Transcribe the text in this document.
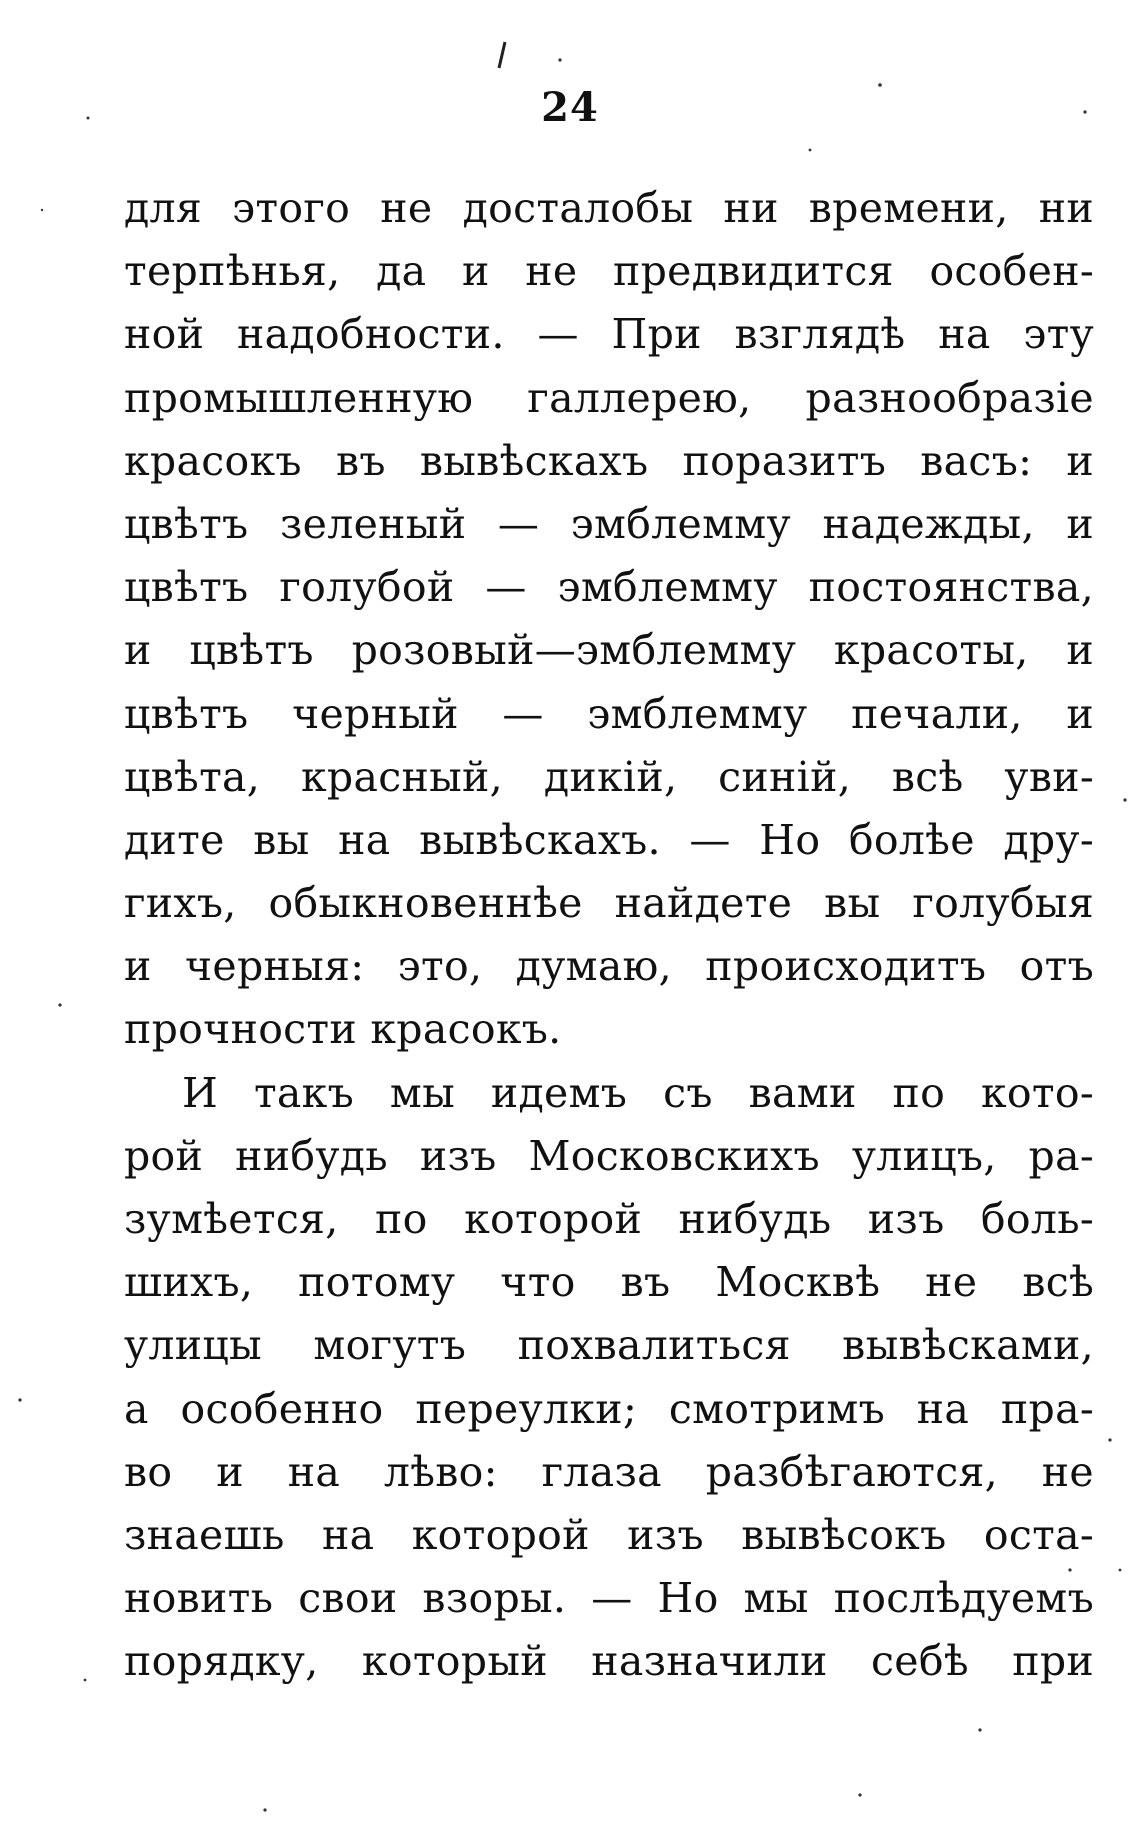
24
для этого не досталобы ни времени, ни
терпѣнья, да и не предвидится особен-
ной надобности. — При взглядѣ на эту
промышленную галлерею, разнообразіе
красокъ въ вывѣскахъ поразитъ васъ: и
цвѣтъ зеленый — эмблемму надежды, и
цвѣтъ голубой — эмблемму постоянства,
и цвѣтъ розовый—эмблемму красоты, и
цвѣтъ черный — эмблемму печали, и
цвѣта, красный, дикій, синій, всѣ уви-
дите вы на вывѣскахъ. — Но болѣе дру-
гихъ, обыкновеннѣе найдете вы голубыя
и черныя: это, думаю, происходитъ отъ
прочности красокъ.
И такъ мы идемъ съ вами по кото-
рой нибудь изъ Московскихъ улицъ, ра-
зумѣется, по которой нибудь изъ боль-
шихъ, потому что въ Москвѣ не всѣ
улицы могутъ похвалиться вывѣсками,
а особенно переулки; смотримъ на пра-
во и на лѣво: глаза разбѣгаются, не
знаешь на которой изъ вывѣсокъ оста-
новить свои взоры. — Но мы послѣдуемъ
порядку, который назначили себѣ при
